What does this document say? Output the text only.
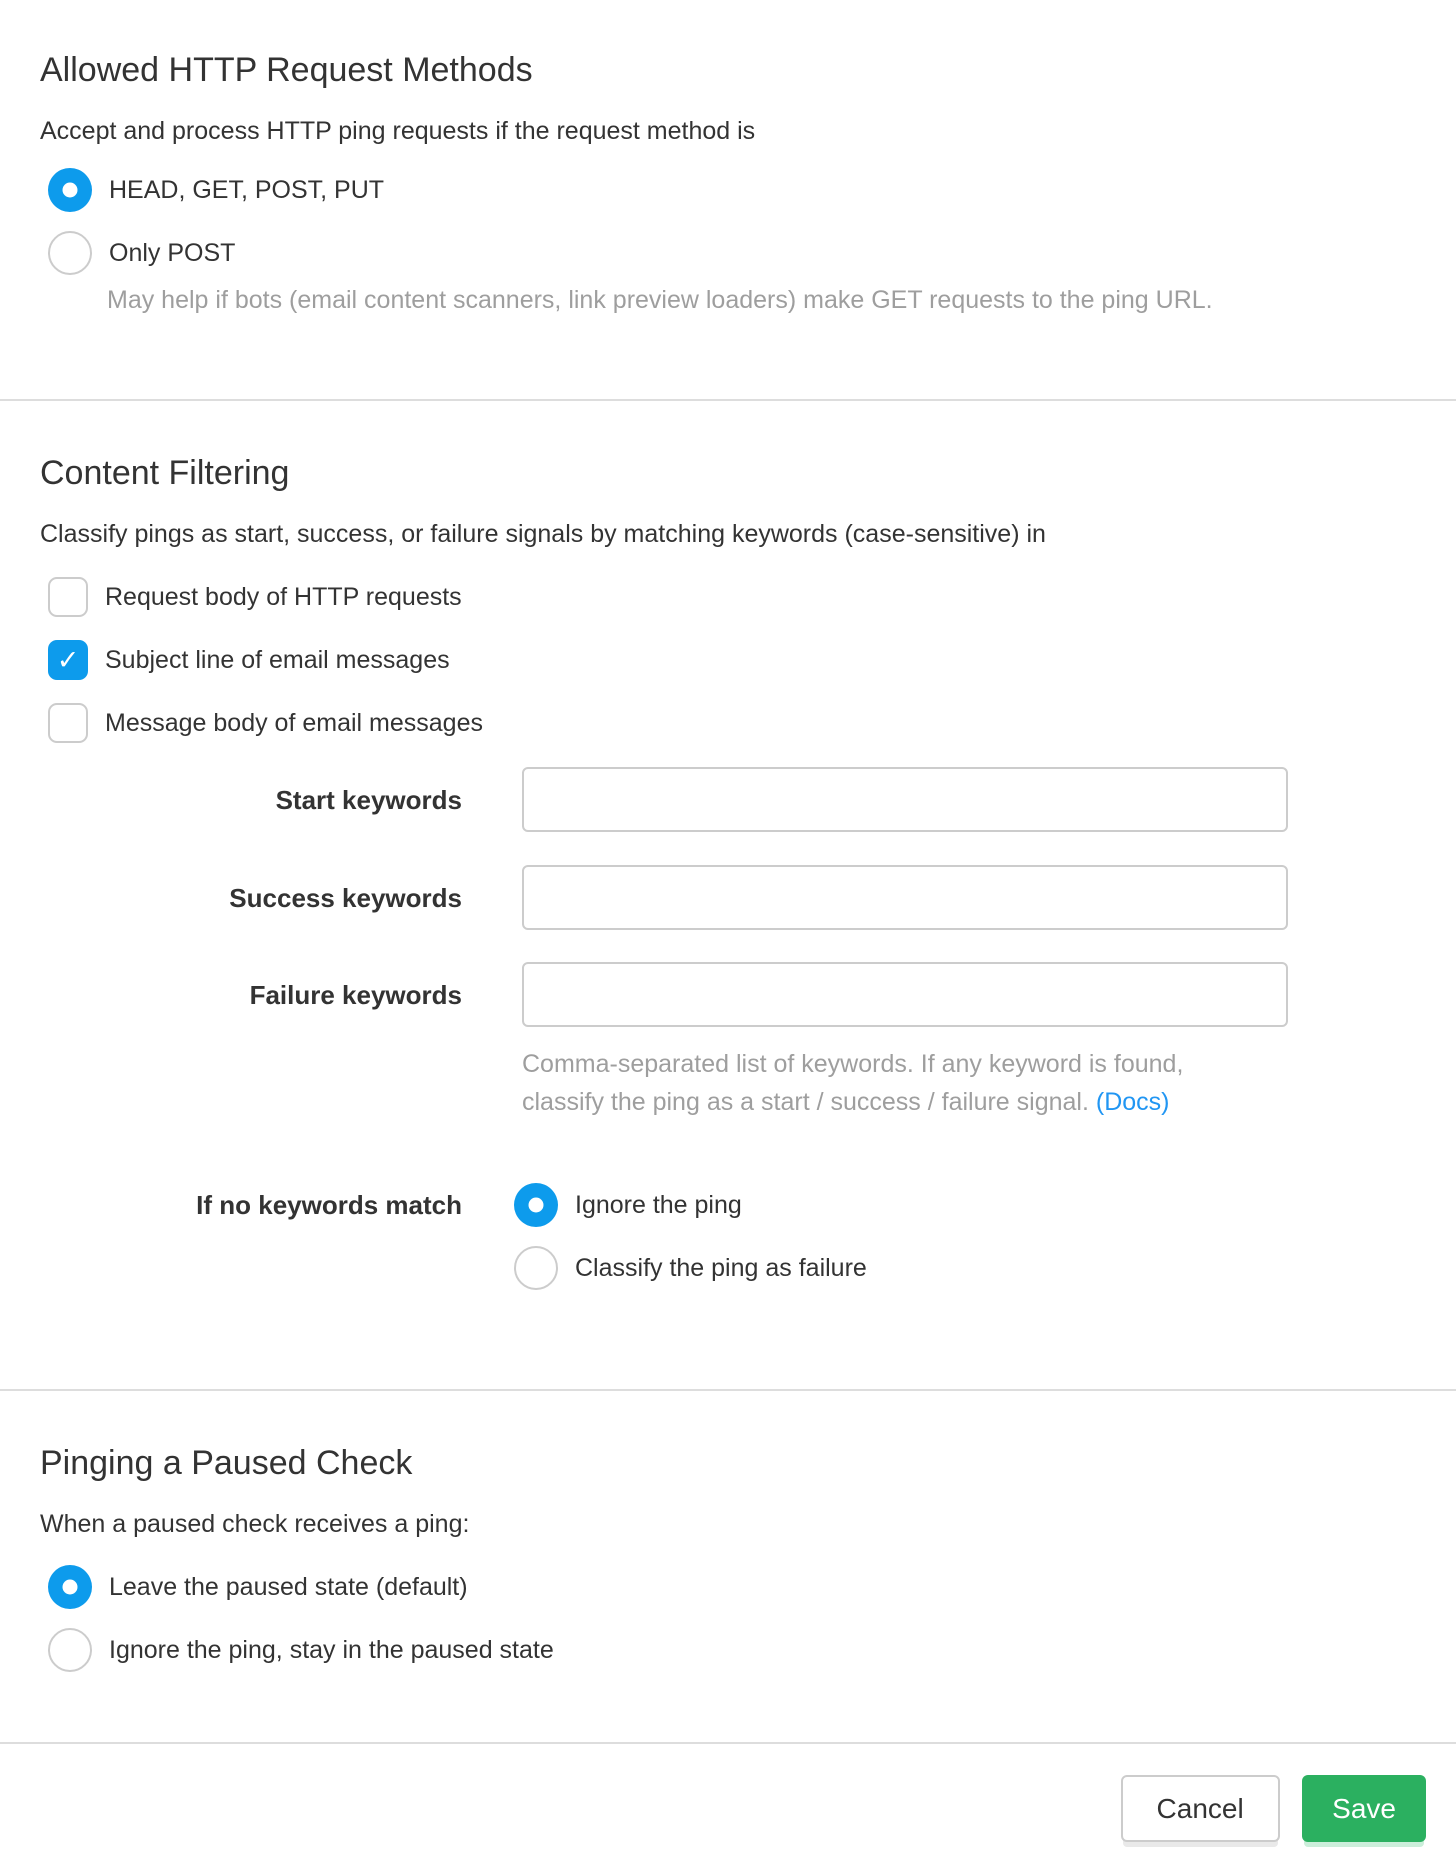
Allowed HTTP Request Methods

Accept and process HTTP ping requests if the request method is

HEAD, GET, POST, PUT
Only POST

May help if bots (email content scanners, link preview loaders) make GET requests to the ping URL.

Content Filtering

Classify pings as start, success, or failure signals by matching keywords (case-sensitive) in

Request body of HTTP requests
✓
Subject line of email messages
Message body of email messages
Start keywords
Success keywords
Failure keywords
Comma-separated list of keywords. If any keyword is found,
classify the ping as a start / success / failure signal. (Docs)
If no keywords match	Ignore the ping
Classify the ping as failure
Pinging a Paused Check

When a paused check receives a ping:

Leave the paused state (default)
Ignore the ping, stay in the paused state
Cancel	Save
